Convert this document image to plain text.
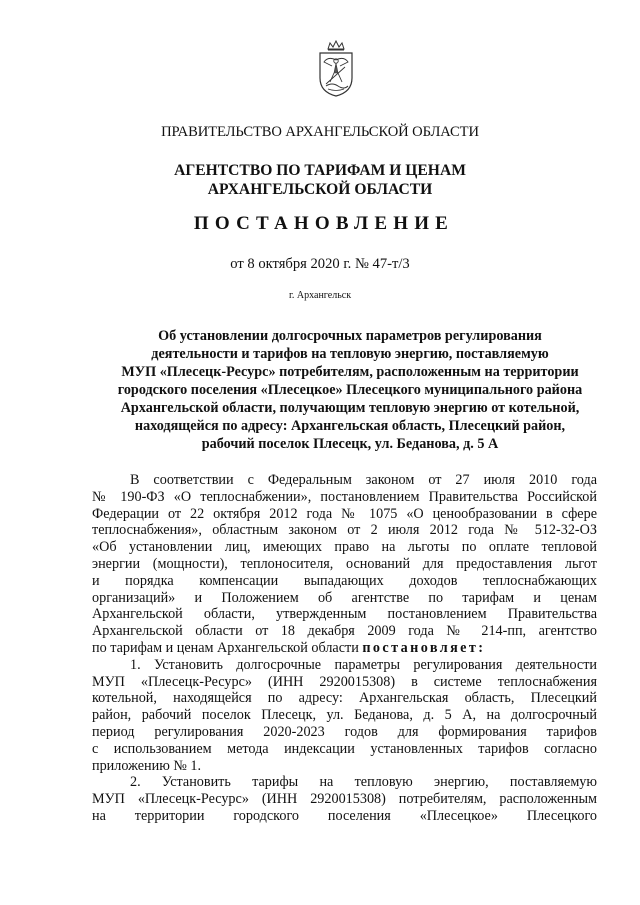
ПРАВИТЕЛЬСТВО АРХАНГЕЛЬСКОЙ ОБЛАСТИ
АГЕНТСТВО ПО ТАРИФАМ И ЦЕНАМ
АРХАНГЕЛЬСКОЙ ОБЛАСТИ
ПОСТАНОВЛЕНИЕ
от 8 октября 2020 г. № 47-т/3
г. Архангельск
Об установлении долгосрочных параметров регулирования
деятельности и тарифов на тепловую энергию, поставляемую
МУП «Плесецк-Ресурс» потребителям, расположенным на территории
городского поселения «Плесецкое» Плесецкого муниципального района
Архангельской области, получающим тепловую энергию от котельной,
находящейся по адресу: Архангельская область, Плесецкий район,
рабочий поселок Плесецк, ул. Беданова, д. 5 А
В соответствии с Федеральным законом от 27 июля 2010 года
№ 190-ФЗ «О теплоснабжении», постановлением Правительства Российской
Федерации от 22 октября 2012 года № 1075 «О ценообразовании в сфере
теплоснабжения», областным законом от 2 июля 2012 года № 512-32-ОЗ
«Об установлении лиц, имеющих право на льготы по оплате тепловой
энергии (мощности), теплоносителя, оснований для предоставления льгот
и порядка компенсации выпадающих доходов теплоснабжающих
организаций» и Положением об агентстве по тарифам и ценам
Архангельской области, утвержденным постановлением Правительства
Архангельской области от 18 декабря 2009 года № 214-пп, агентство
по тарифам и ценам Архангельской области постановляет:
1. Установить долгосрочные параметры регулирования деятельности
МУП «Плесецк-Ресурс» (ИНН 2920015308) в системе теплоснабжения
котельной, находящейся по адресу: Архангельская область, Плесецкий
район, рабочий поселок Плесецк, ул. Беданова, д. 5 А, на долгосрочный
период регулирования 2020-2023 годов для формирования тарифов
с использованием метода индексации установленных тарифов согласно
приложению № 1.
2. Установить тарифы на тепловую энергию, поставляемую
МУП «Плесецк-Ресурс» (ИНН 2920015308) потребителям, расположенным
на территории городского поселения «Плесецкое» Плесецкого
